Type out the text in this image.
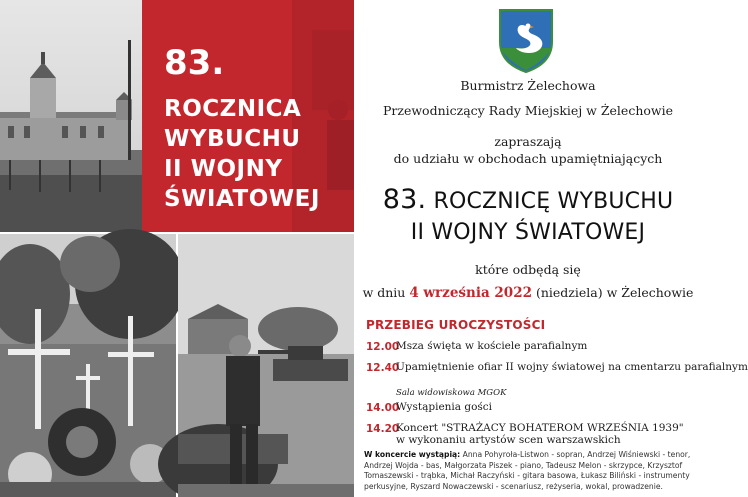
83.
ROCZNICA
WYBUCHU
II WOJNY
ŚWIATOWEJ
Burmistrz Żelechowa
Przewodniczący Rady Miejskiej w Żelechowie
zapraszają
do udziału w obchodach upamiętniających
83. ROCZNICĘ WYBUCHU
II WOJNY ŚWIATOWEJ
które odbędą się
w dniu 4 września 2022 (niedziela) w Żelechowie
PRZEBIEG UROCZYSTOŚCI
12.00
Msza święta w kościele parafialnym
12.40
Upamiętnienie ofiar II wojny światowej na cmentarzu parafialnym
Sala widowiskowa MGOK
14.00
Wystąpienia gości
14.20
Koncert "STRAŻACY BOHATEROM WRZEŚNIA 1939"
w wykonaniu artystów scen warszawskich
W koncercie wystąpią: Anna Pohyroła-Listwon - sopran, Andrzej Wiśniewski - tenor, Andrzej Wojda - bas, Małgorzata Piszek - piano, Tadeusz Melon - skrzypce, Krzysztof Tomaszewski - trąbka, Michał Raczyński - gitara basowa, Łukasz Biliński - instrumenty perkusyjne, Ryszard Nowaczewski - scenariusz, reżyseria, wokal, prowadzenie.
